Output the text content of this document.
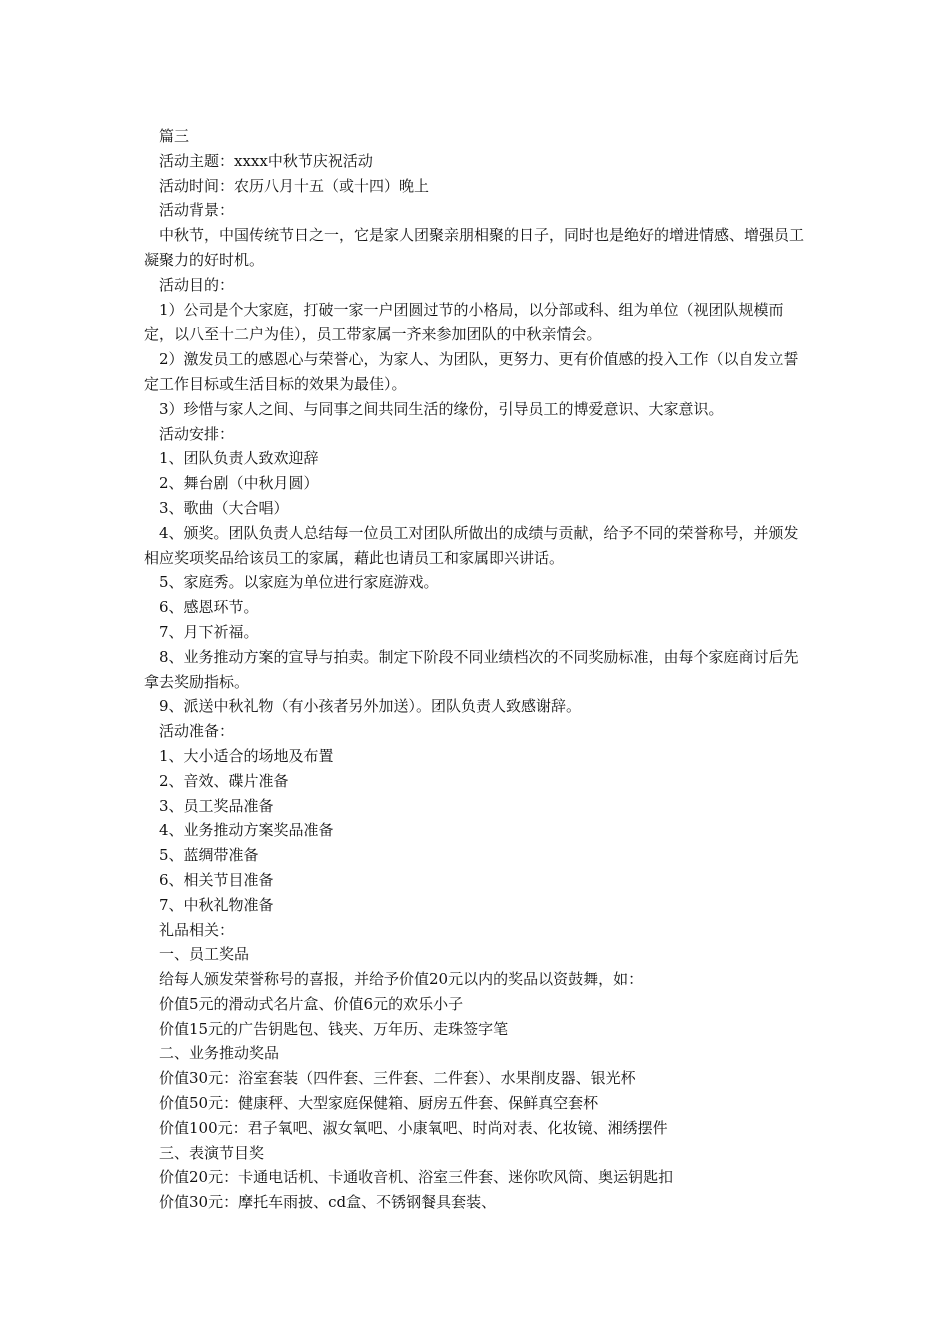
篇三

活动主题：xxxx中秋节庆祝活动

活动时间：农历八月十五（或十四）晚上

活动背景：

中秋节，中国传统节日之一，它是家人团聚亲朋相聚的日子，同时也是绝好的增进情感、增强员工凝聚力的好时机。

活动目的：

1）公司是个大家庭，打破一家一户团圆过节的小格局，以分部或科、组为单位（视团队规模而定，以八至十二户为佳），员工带家属一齐来参加团队的中秋亲情会。

2）激发员工的感恩心与荣誉心，为家人、为团队，更努力、更有价值感的投入工作（以自发立誓定工作目标或生活目标的效果为最佳）。

3）珍惜与家人之间、与同事之间共同生活的缘份，引导员工的博爱意识、大家意识。

活动安排：

1、团队负责人致欢迎辞

2、舞台剧（中秋月圆）

3、歌曲（大合唱）

4、颁奖。团队负责人总结每一位员工对团队所做出的成绩与贡献，给予不同的荣誉称号，并颁发相应奖项奖品给该员工的家属，藉此也请员工和家属即兴讲话。

5、家庭秀。以家庭为单位进行家庭游戏。

6、感恩环节。

7、月下祈福。

8、业务推动方案的宣导与拍卖。制定下阶段不同业绩档次的不同奖励标准，由每个家庭商讨后先拿去奖励指标。

9、派送中秋礼物（有小孩者另外加送）。团队负责人致感谢辞。

活动准备：

1、大小适合的场地及布置

2、音效、碟片准备

3、员工奖品准备

4、业务推动方案奖品准备

5、蓝绸带准备

6、相关节目准备

7、中秋礼物准备

礼品相关：

一、员工奖品

给每人颁发荣誉称号的喜报，并给予价值20元以内的奖品以资鼓舞，如：

价值5元的滑动式名片盒、价值6元的欢乐小子

价值15元的广告钥匙包、钱夹、万年历、走珠签字笔

二、业务推动奖品

价值30元：浴室套装（四件套、三件套、二件套）、水果削皮器、银光杯

价值50元：健康秤、大型家庭保健箱、厨房五件套、保鲜真空套杯

价值100元：君子氧吧、淑女氧吧、小康氧吧、时尚对表、化妆镜、湘绣摆件

三、表演节目奖

价值20元：卡通电话机、卡通收音机、浴室三件套、迷你吹风筒、奥运钥匙扣

价值30元：摩托车雨披、cd盒、不锈钢餐具套装、
